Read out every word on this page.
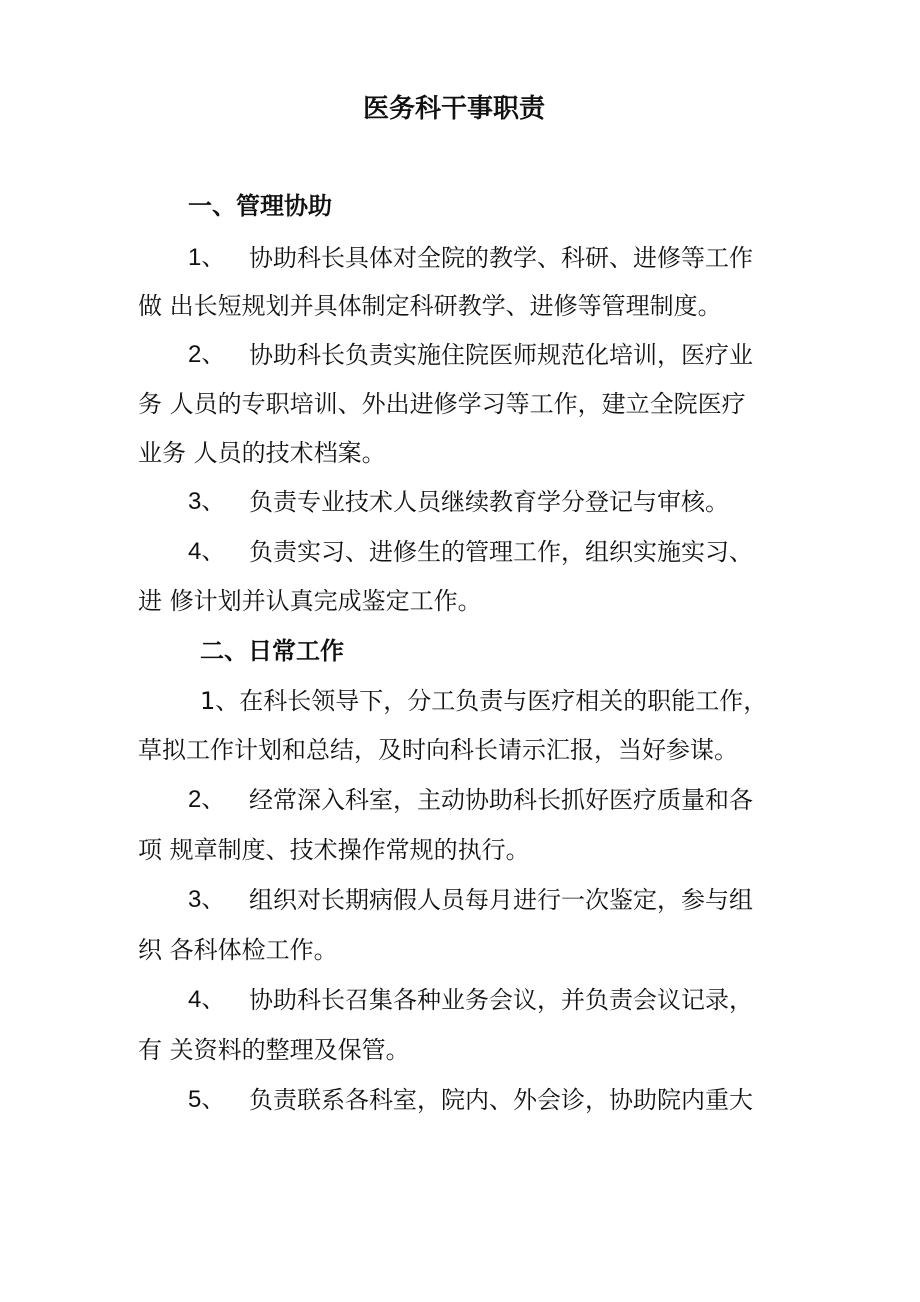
医务科干事职责
一、管理协助
1、 协助科长具体对全院的教学、科研、进修等工作
做 出长短规划并具体制定科研教学、进修等管理制度。
2、 协助科长负责实施住院医师规范化培训，医疗业
务 人员的专职培训、外出进修学习等工作，建立全院医疗
业务 人员的技术档案。
3、 负责专业技术人员继续教育学分登记与审核。
4、 负责实习、进修生的管理工作，组织实施实习、
进 修计划并认真完成鉴定工作。
二、日常工作
1、在科长领导下，分工负责与医疗相关的职能工作，
草拟工作计划和总结，及时向科长请示汇报，当好参谋。
2、 经常深入科室，主动协助科长抓好医疗质量和各
项 规章制度、技术操作常规的执行。
3、 组织对长期病假人员每月进行一次鉴定，参与组
织 各科体检工作。
4、 协助科长召集各种业务会议，并负责会议记录，
有 关资料的整理及保管。
5、 负责联系各科室，院内、外会诊，协助院内重大
